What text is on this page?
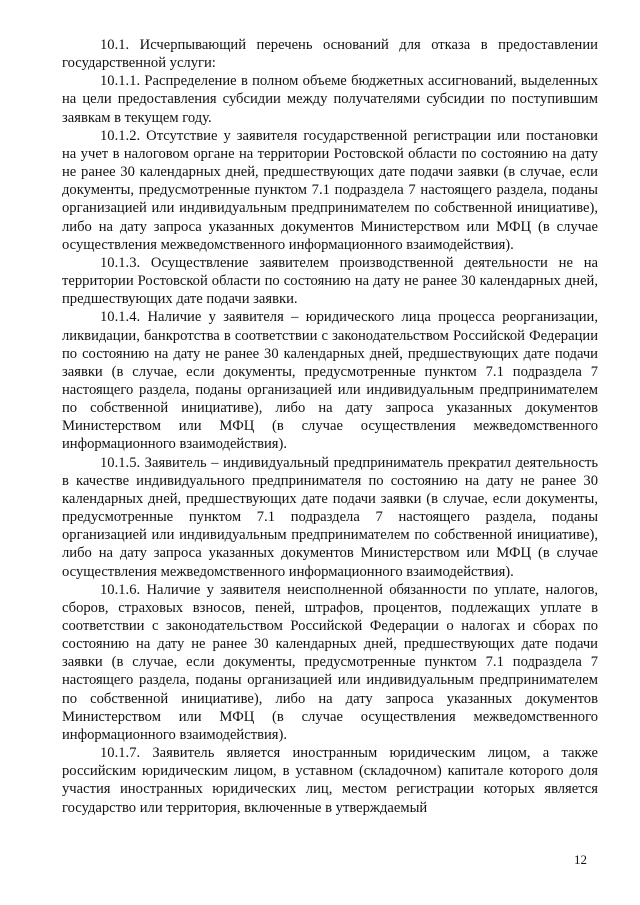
10.1. Исчерпывающий перечень оснований для отказа в предоставлении государственной услуги:

10.1.1. Распределение в полном объеме бюджетных ассигнований, выделенных на цели предоставления субсидии между получателями субсидии по поступившим заявкам в текущем году.

10.1.2. Отсутствие у заявителя государственной регистрации или постановки на учет в налоговом органе на территории Ростовской области по состоянию на дату не ранее 30 календарных дней, предшествующих дате подачи заявки (в случае, если документы, предусмотренные пунктом 7.1 подраздела 7 настоящего раздела, поданы организацией или индивидуальным предпринимателем по собственной инициативе), либо на дату запроса указанных документов Министерством или МФЦ (в случае осуществления межведомственного информационного взаимодействия).

10.1.3. Осуществление заявителем производственной деятельности не на территории Ростовской области по состоянию на дату не ранее 30 календарных дней, предшествующих дате подачи заявки.

10.1.4. Наличие у заявителя – юридического лица процесса реорганизации, ликвидации, банкротства в соответствии с законодательством Российской Федерации по состоянию на дату не ранее 30 календарных дней, предшествующих дате подачи заявки (в случае, если документы, предусмотренные пунктом 7.1 подраздела 7 настоящего раздела, поданы организацией или индивидуальным предпринимателем по собственной инициативе), либо на дату запроса указанных документов Министерством или МФЦ (в случае осуществления межведомственного информационного взаимодействия).

10.1.5. Заявитель – индивидуальный предприниматель прекратил деятельность в качестве индивидуального предпринимателя по состоянию на дату не ранее 30 календарных дней, предшествующих дате подачи заявки (в случае, если документы, предусмотренные пунктом 7.1 подраздела 7 настоящего раздела, поданы организацией или индивидуальным предпринимателем по собственной инициативе), либо на дату запроса указанных документов Министерством или МФЦ (в случае осуществления межведомственного информационного взаимодействия).

10.1.6. Наличие у заявителя неисполненной обязанности по уплате, налогов, сборов, страховых взносов, пеней, штрафов, процентов, подлежащих уплате в соответствии с законодательством Российской Федерации о налогах и сборах по состоянию на дату не ранее 30 календарных дней, предшествующих дате подачи заявки (в случае, если документы, предусмотренные пунктом 7.1 подраздела 7 настоящего раздела, поданы организацией или индивидуальным предпринимателем по собственной инициативе), либо на дату запроса указанных документов Министерством или МФЦ (в случае осуществления межведомственного информационного взаимодействия).

10.1.7. Заявитель является иностранным юридическим лицом, а также российским юридическим лицом, в уставном (складочном) капитале которого доля участия иностранных юридических лиц, местом регистрации которых является государство или территория, включенные в утверждаемый

12
